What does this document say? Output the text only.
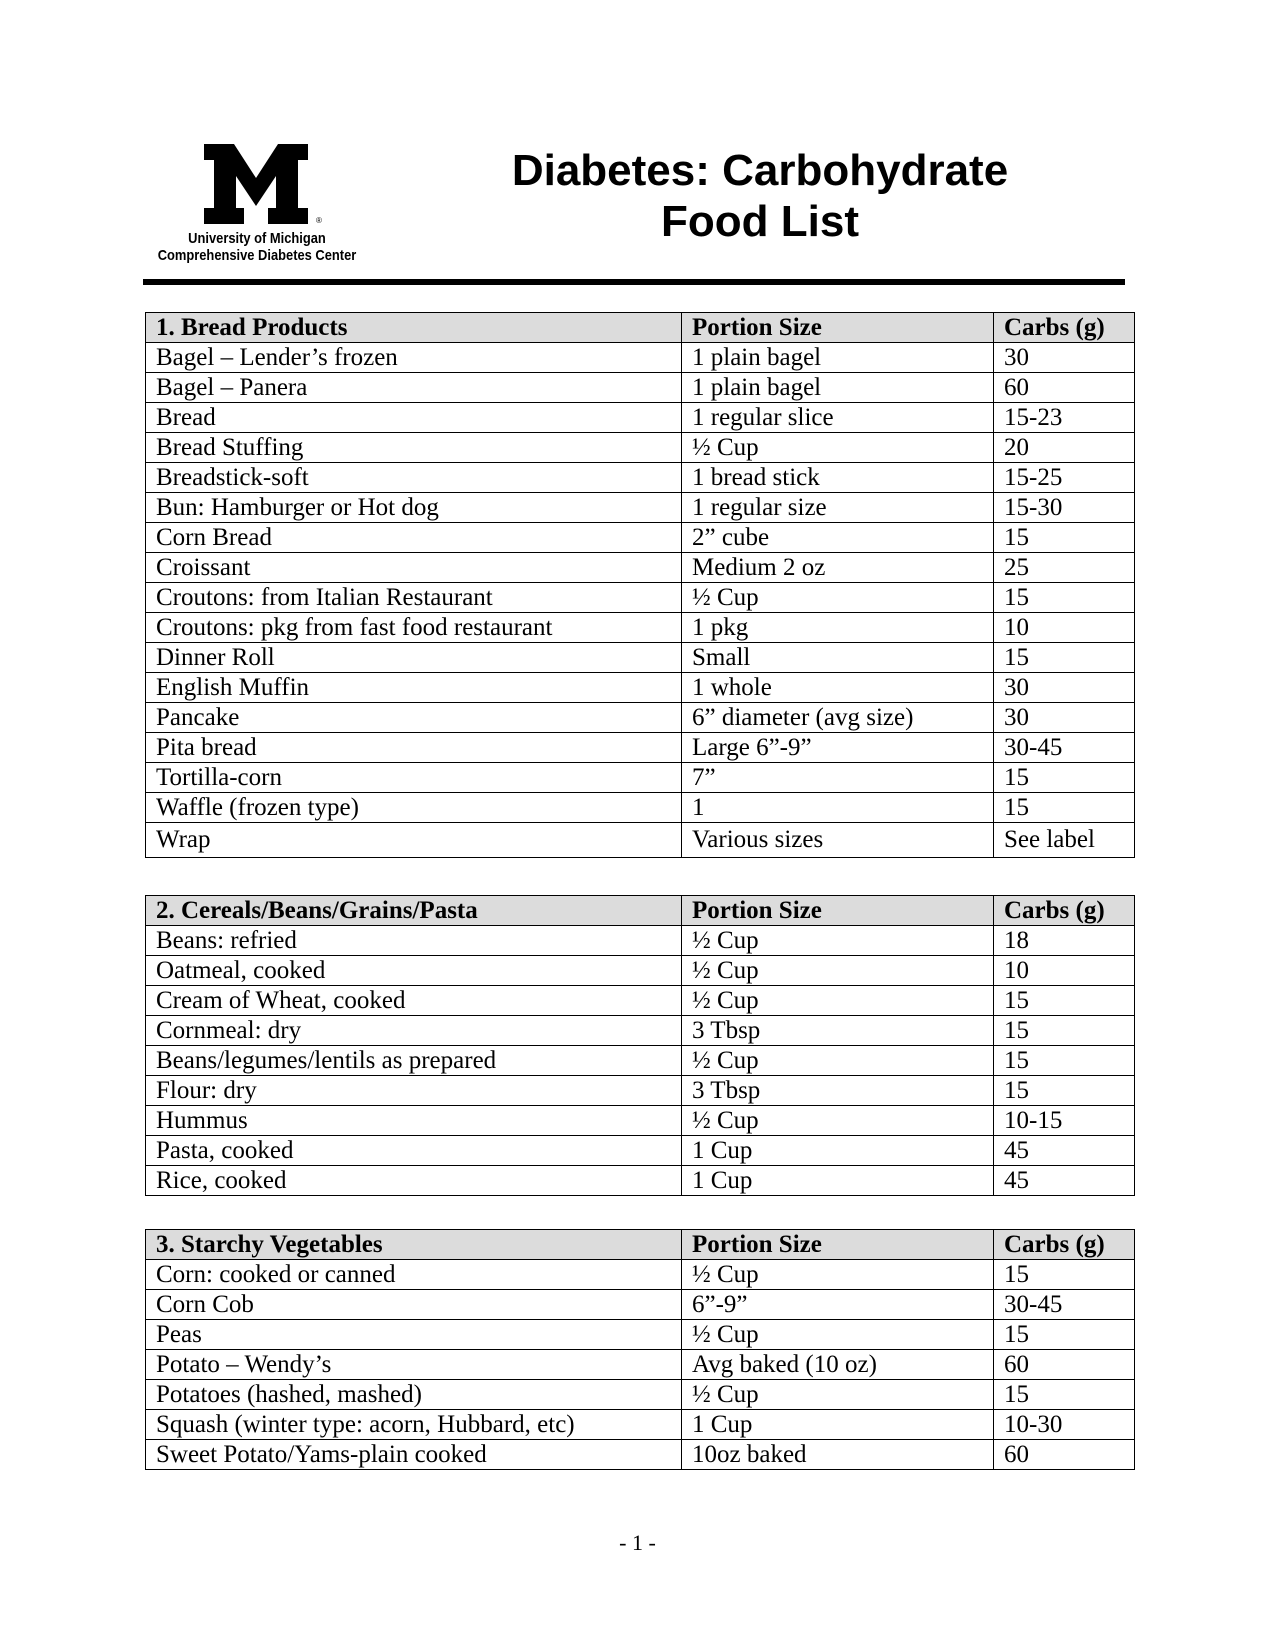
®
University of Michigan
Comprehensive Diabetes Center
Diabetes: Carbohydrate
Food List
1. Bread Products	Portion Size	Carbs (g)
Bagel – Lender’s frozen	1 plain bagel	30
Bagel – Panera	1 plain bagel	60
Bread	1 regular slice	15-23
Bread Stuffing	½ Cup	20
Breadstick-soft	1 bread stick	15-25
Bun: Hamburger or Hot dog	1 regular size	15-30
Corn Bread	2” cube	15
Croissant	Medium 2 oz	25
Croutons: from Italian Restaurant	½ Cup	15
Croutons: pkg from fast food restaurant	1 pkg	10
Dinner Roll	Small	15
English Muffin	1 whole	30
Pancake	6” diameter (avg size)	30
Pita bread	Large 6”-9”	30-45
Tortilla-corn	7”	15
Waffle (frozen type)	1	15
Wrap	Various sizes	See label
2. Cereals/Beans/Grains/Pasta	Portion Size	Carbs (g)
Beans: refried	½ Cup	18
Oatmeal, cooked	½ Cup	10
Cream of Wheat, cooked	½ Cup	15
Cornmeal: dry	3 Tbsp	15
Beans/legumes/lentils as prepared	½ Cup	15
Flour: dry	3 Tbsp	15
Hummus	½ Cup	10-15
Pasta, cooked	1 Cup	45
Rice, cooked	1 Cup	45
3. Starchy Vegetables	Portion Size	Carbs (g)
Corn: cooked or canned	½ Cup	15
Corn Cob	6”-9”	30-45
Peas	½ Cup	15
Potato – Wendy’s	Avg baked (10 oz)	60
Potatoes (hashed, mashed)	½ Cup	15
Squash (winter type: acorn, Hubbard, etc)	1 Cup	10-30
Sweet Potato/Yams-plain cooked	10oz baked	60
- 1 -
